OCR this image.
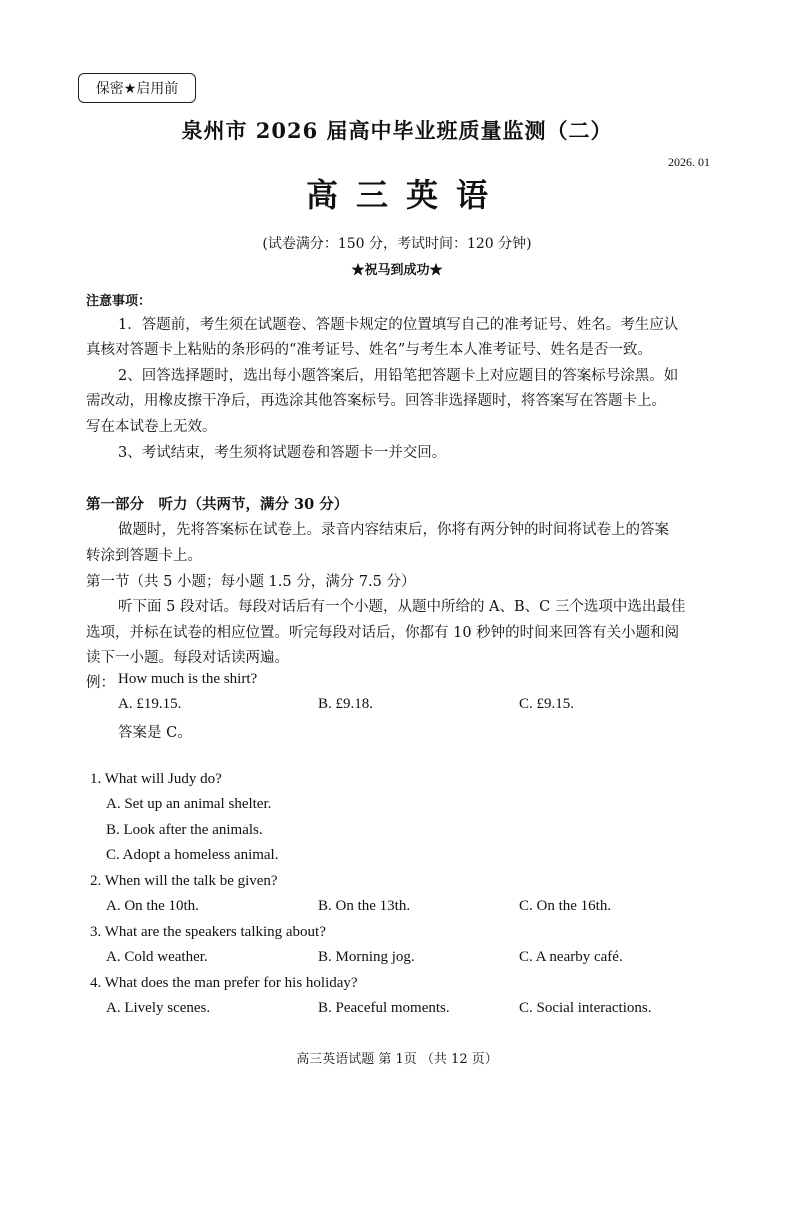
保密★启用前
泉州市 2026 届高中毕业班质量监测（二）
2026. 01
高三英语
(试卷满分：150 分，考试时间：120 分钟)
★祝马到成功★
注意事项：
1．答题前，考生须在试题卷、答题卡规定的位置填写自己的准考证号、姓名。考生应认
真核对答题卡上粘贴的条形码的“准考证号、姓名”与考生本人准考证号、姓名是否一致。
2、回答选择题时，选出每小题答案后，用铅笔把答题卡上对应题目的答案标号涂黑。如
需改动，用橡皮擦干净后，再选涂其他答案标号。回答非选择题时，将答案写在答题卡上。
写在本试卷上无效。
3、考试结束，考生须将试题卷和答题卡一并交回。
第一部分　听力（共两节，满分 30 分）
做题时，先将答案标在试卷上。录音内容结束后，你将有两分钟的时间将试卷上的答案
转涂到答题卡上。
第一节（共 5 小题；每小题 1.5 分，满分 7.5 分）
听下面 5 段对话。每段对话后有一个小题，从题中所给的 A、B、C 三个选项中选出最佳
选项，并标在试卷的相应位置。听完每段对话后，你都有 10 秒钟的时间来回答有关小题和阅
读下一小题。每段对话读两遍。
例： How much is the shirt?
A. £19.15.	B. £9.18.	C. £9.15.
答案是 C。
1. What will Judy do?
A. Set up an animal shelter.
B. Look after the animals.
C. Adopt a homeless animal.
2. When will the talk be given?
A. On the 10th.	B. On the 13th.	C. On the 16th.
3. What are the speakers talking about?
A. Cold weather.	B. Morning jog.	C. A nearby café.
4. What does the man prefer for his holiday?
A. Lively scenes.	B. Peaceful moments.	C. Social interactions.
高三英语试题 第 1页 （共 12 页）
